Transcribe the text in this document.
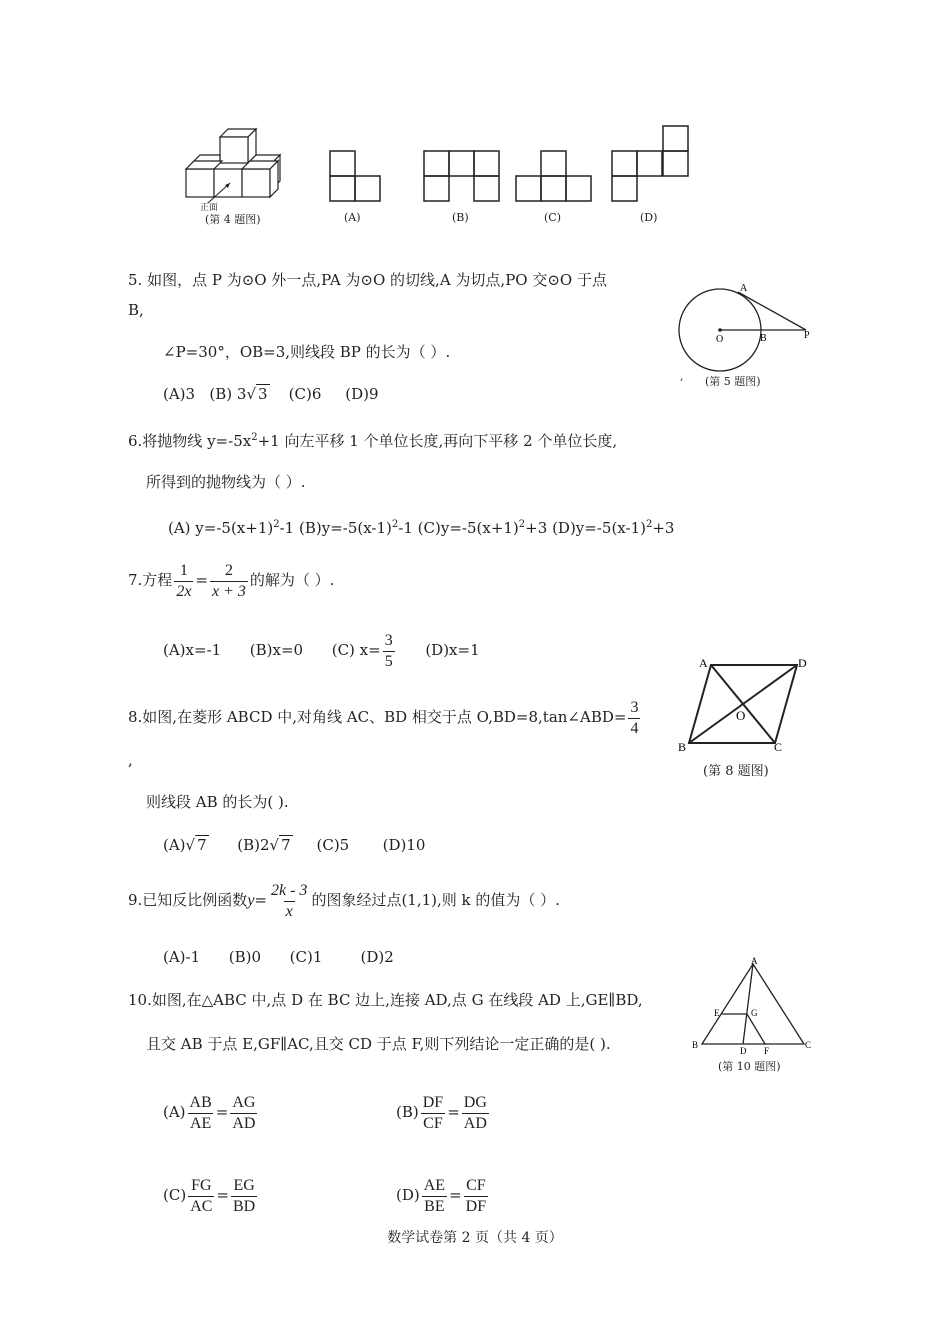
正面
(第 4 题图)	(A)	(B)	(C)	(D)
5. 如图，点 P 为⊙O 外一点,PA 为⊙O 的切线,A 为切点,PO 交⊙O 于点
B,
∠P=30°，OB=3,则线段 BP 的长为（ ）.
(A)3 (B) 3√ 3 (C)6 (D)9
A
O	B	P
, (第 5 题图)
6.将抛物线 $y=-5x^2+1$ 向左平移 1 个单位长度,再向下平移 2 个单位长度,
所得到的抛物线为（ ）.
(A) $y=-5(x+1)^2-1$ $(B)y=-5(x-1)^2-1$ $(C)y=-5(x+1)^2+3$ $(D)y=-5(x-1)^2+3$
7.方程 $\frac{1}{2x} = \frac{2}{x + 3}$ 的解为（ ）.
(A)x=-1 (B)x=0 (C) $x= \frac{3}{5} (D)x=1$
8.如图,在菱形 ABCD 中,对角线 AC、BD 相交于点 O,BD=8,tan∠ABD= $\frac{3}{4}$
,
则线段 AB 的长为( ).
(A)√ 7 (B)2√ 7 (C)5 (D)10
A	D
O
B	C
(第 8 题图)
9.已知反比例函数$y= \frac{2k - 3}{x}$ 的图象经过点(1,1),则 k 的值为（ ）.
(A)-1 (B)0 (C)1	(D)2
10.如图,在△ABC 中,点 D 在 BC 边上,连接 AD,点 G 在线段 AD 上,GE∥BD,
且交 AB 于点 E,GF∥AC,且交 CD 于点 F,则下列结论一定正确的是( ).
A
E	G
B
D F
C
(第 10 题图)
$(A) \frac{AB}{AE} = \frac{AG}{AD}$	$(B) \frac{DF}{CF} = \frac{DG}{AD}$
$(C) \frac{FG}{AC} = \frac{EG}{BD}$	$(D) \frac{AE}{BE} = \frac{CF}{DF}$
数学试卷第 2 页（共 4 页）
